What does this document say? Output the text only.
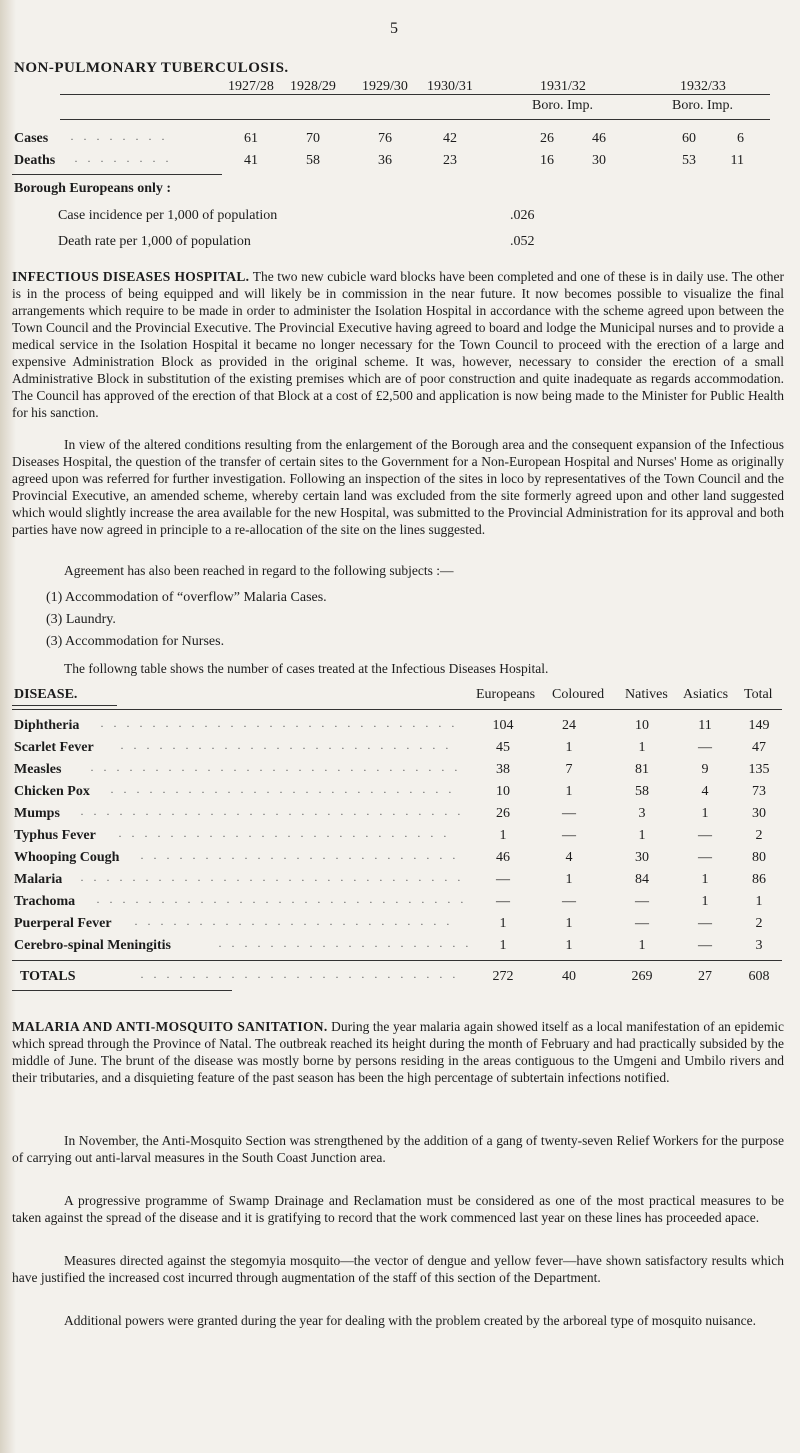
5
NON-PULMONARY TUBERCULOSIS.
1927/28 1928/29 1929/30 1930/31	1931/32	1932/33
Boro. Imp.	Boro. Imp.
Cases · · · · · · · ·	61	70	76	42	26	46	60	6
Deaths · · · · · · · ·	41	58	36	23	16	30	53	11
Borough Europeans only :
Case incidence per 1,000 of population	.026
Death rate per 1,000 of population	.052

INFECTIOUS DISEASES HOSPITAL. The two new cubicle ward blocks have been completed and one of these is in daily use. The other is in the process of being equipped and will likely be in commission in the near future. It now becomes possible to visualize the final arrangements which require to be made in order to administer the Isolation Hospital in accordance with the scheme agreed upon between the Town Council and the Provincial Executive. The Provincial Executive having agreed to board and lodge the Municipal nurses and to provide a medical service in the Isolation Hospital it became no longer necessary for the Town Council to proceed with the erection of a large and expensive Administration Block as provided in the original scheme. It was, however, necessary to consider the erection of a small Administrative Block in substitution of the existing premises which are of poor construction and quite inadequate as regards accommodation. The Council has approved of the erection of that Block at a cost of £2,500 and application is now being made to the Minister for Public Health for his sanction.

In view of the altered conditions resulting from the enlargement of the Borough area and the consequent expansion of the Infectious Diseases Hospital, the question of the transfer of certain sites to the Government for a Non-European Hospital and Nurses' Home as originally agreed upon was referred for further investigation. Following an inspection of the sites in loco by representatives of the Town Council and the Provincial Executive, an amended scheme, whereby certain land was excluded from the site formerly agreed upon and other land suggested which would slightly increase the area available for the new Hospital, was submitted to the Provincial Administration for its approval and both parties have now agreed in principle to a re-allocation of the site on the lines suggested.

Agreement has also been reached in regard to the following subjects :—

(1) Accommodation of “overflow” Malaria Cases.
(3) Laundry.
(3) Accommodation for Nurses.

The followng table shows the number of cases treated at the Infectious Diseases Hospital.

DISEASE.	Europeans Coloured Natives Asiatics Total
Diphtheria · · · · · · · · · · · · · · · · · · · · · · · · · · · ·	104	24	10	11	149
Scarlet Fever · · · · · · · · · · · · · · · · · · · · · · · · · ·	45	1	1	—	47
Measles · · · · · · · · · · · · · · · · · · · · · · · · · · · · ·	38	7	81	9	135
Chicken Pox · · · · · · · · · · · · · · · · · · · · · · · · · · ·	10	1	58	4	73
Mumps · · · · · · · · · · · · · · · · · · · · · · · · · · · · · ·	26	—	3	1	30
Typhus Fever · · · · · · · · · · · · · · · · · · · · · · · · · ·	1	—	1	—	2
Whooping Cough · · · · · · · · · · · · · · · · · · · · · · · · ·	46	4	30	—	80
Malaria · · · · · · · · · · · · · · · · · · · · · · · · · · · · · ·	—	1	84	1	86
Trachoma · · · · · · · · · · · · · · · · · · · · · · · · · · · · ·	—	—	—	1	1
Puerperal Fever · · · · · · · · · · · · · · · · · · · · · · · · ·	1	1	—	—	2
Cerebro-spinal Meningitis	· · · · · · · · · · · · · · · · · · · ·	1	1	1	—	3
TOTALS	· · · · · · · · · · · · · · · · · · · · · · · · ·	272	40	269	27	608

MALARIA AND ANTI-MOSQUITO SANITATION. During the year malaria again showed itself as a local manifestation of an epidemic which spread through the Province of Natal. The outbreak reached its height during the month of February and had practically subsided by the middle of June. The brunt of the disease was mostly borne by persons residing in the areas contiguous to the Umgeni and Umbilo rivers and their tributaries, and a disquieting feature of the past season has been the high percentage of subtertain infections notified.

In November, the Anti-Mosquito Section was strengthened by the addition of a gang of twenty-seven Relief Workers for the purpose of carrying out anti-larval measures in the South Coast Junction area.

A progressive programme of Swamp Drainage and Reclamation must be considered as one of the most practical measures to be taken against the spread of the disease and it is gratifying to record that the work commenced last year on these lines has proceeded apace.

Measures directed against the stegomyia mosquito—the vector of dengue and yellow fever—have shown satisfactory results which have justified the increased cost incurred through augmentation of the staff of this section of the Department.

Additional powers were granted during the year for dealing with the problem created by the arboreal type of mosquito nuisance.
